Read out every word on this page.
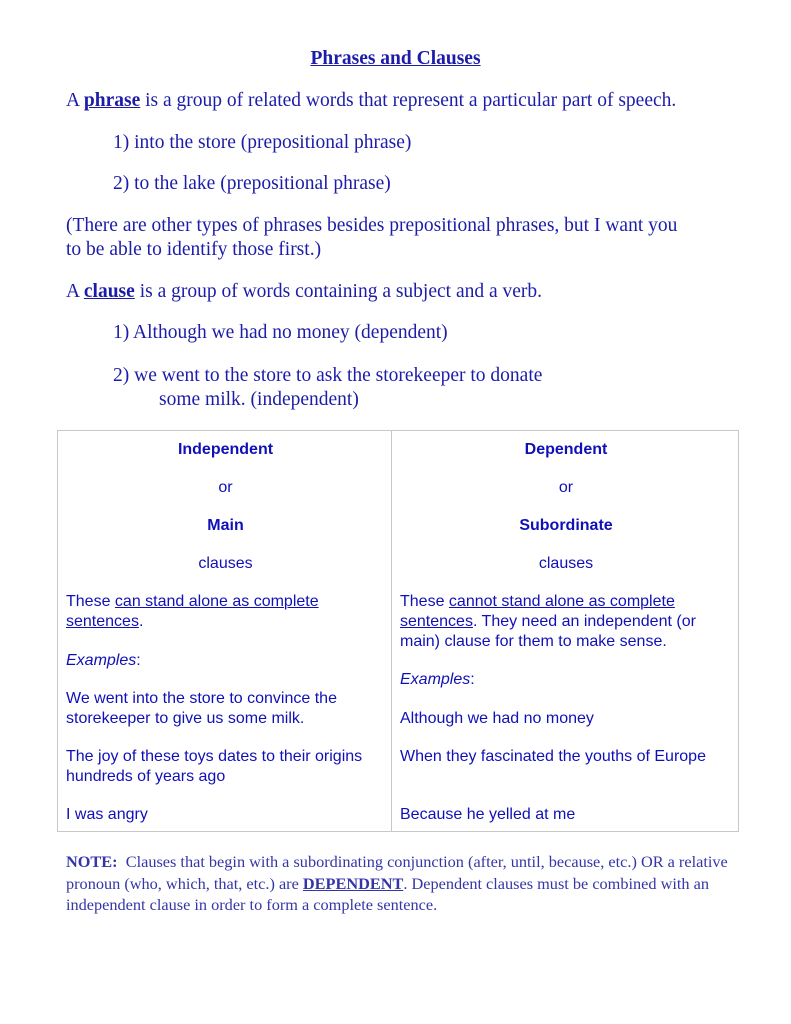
Phrases and Clauses
A phrase is a group of related words that represent a particular part of speech.
1) into the store (prepositional phrase)
2) to the lake (prepositional phrase)
(There are other types of phrases besides prepositional phrases, but I want you
to be able to identify those first.)
A clause is a group of words containing a subject and a verb.
1) Although we had no money (dependent)
2) we went to the store to ask the storekeeper to donate
some milk. (independent)
Independent
or
Main
clauses
These can stand alone as complete sentences.
Examples:
We went into the store to convince the storekeeper to give us some milk.
The joy of these toys dates to their origins hundreds of years ago
I was angry
Dependent
or
Subordinate
clauses
These cannot stand alone as complete sentences. They need an independent (or main) clause for them to make sense.
Examples:
Although we had no money
When they fascinated the youths of Europe
Because he yelled at me
NOTE:  Clauses that begin with a subordinating conjunction (after, until, because, etc.) OR a relative pronoun (who, which, that, etc.) are DEPENDENT. Dependent clauses must be combined with an independent clause in order to form a complete sentence.
